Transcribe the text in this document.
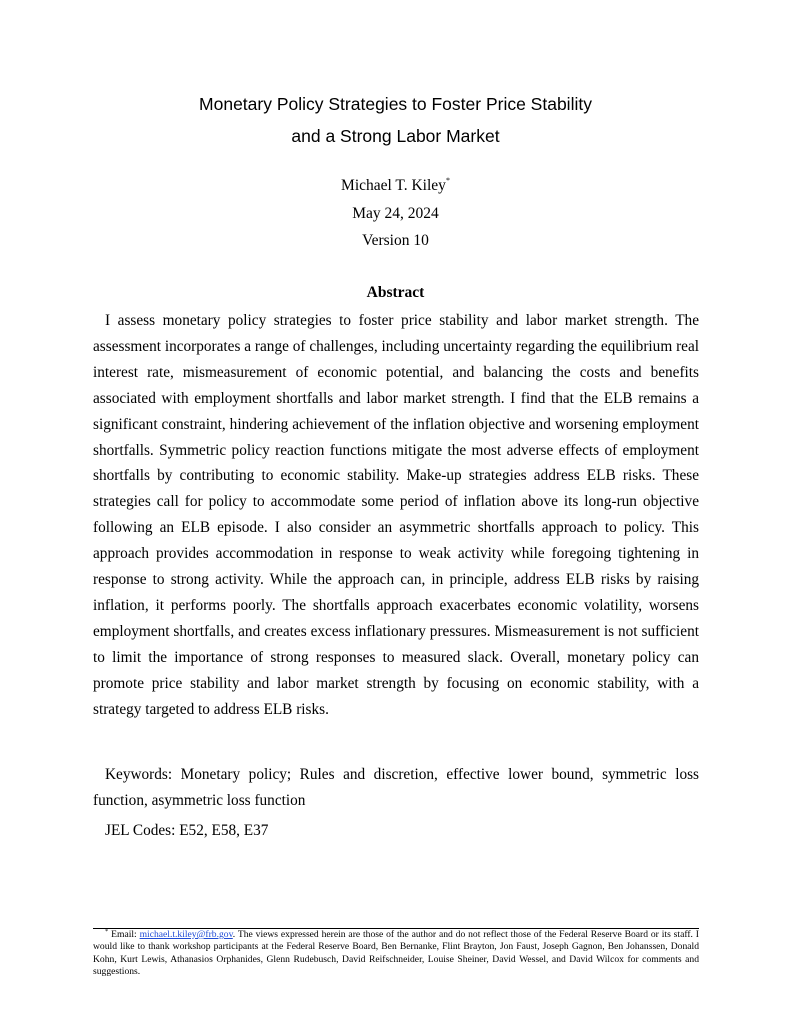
Monetary Policy Strategies to Foster Price Stability
and a Strong Labor Market
Michael T. Kiley*
May 24, 2024
Version 10
Abstract

I assess monetary policy strategies to foster price stability and labor market strength. The assessment incorporates a range of challenges, including uncertainty regarding the equilibrium real interest rate, mismeasurement of economic potential, and balancing the costs and benefits associated with employment shortfalls and labor market strength. I find that the ELB remains a significant constraint, hindering achievement of the inflation objective and worsening employment shortfalls. Symmetric policy reaction functions mitigate the most adverse effects of employment shortfalls by contributing to economic stability. Make-up strategies address ELB risks. These strategies call for policy to accommodate some period of inflation above its long-run objective following an ELB episode. I also consider an asymmetric shortfalls approach to policy. This approach provides accommodation in response to weak activity while foregoing tightening in response to strong activity. While the approach can, in principle, address ELB risks by raising inflation, it performs poorly. The shortfalls approach exacerbates economic volatility, worsens employment shortfalls, and creates excess inflationary pressures. Mismeasurement is not sufficient to limit the importance of strong responses to measured slack. Overall, monetary policy can promote price stability and labor market strength by focusing on economic stability, with a strategy targeted to address ELB risks.

Keywords: Monetary policy; Rules and discretion, effective lower bound, symmetric loss function, asymmetric loss function

JEL Codes: E52, E58, E37

* Email: michael.t.kiley@frb.gov. The views expressed herein are those of the author and do not reflect those of the Federal Reserve Board or its staff. I would like to thank workshop participants at the Federal Reserve Board, Ben Bernanke, Flint Brayton, Jon Faust, Joseph Gagnon, Ben Johanssen, Donald Kohn, Kurt Lewis, Athanasios Orphanides, Glenn Rudebusch, David Reifschneider, Louise Sheiner, David Wessel, and David Wilcox for comments and suggestions.
